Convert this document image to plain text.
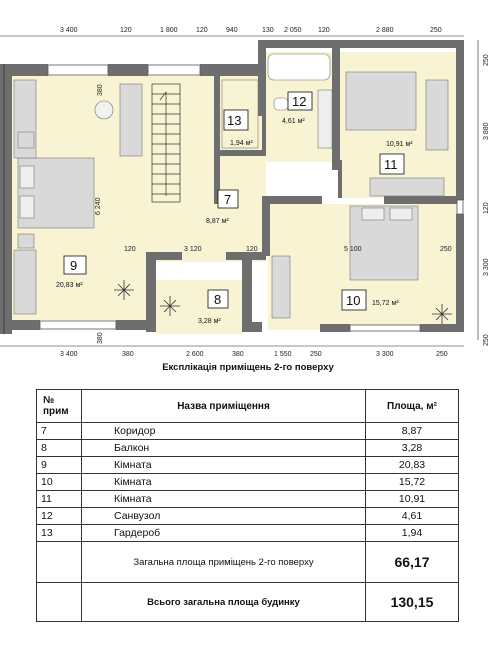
3 400	120	1 800	120	940	130 2 050 120	2 880	250
3 400	380	2 600	380	1 550	250	3 300	250
380
6 240
380
250
3 880
120
3 300
250
120	3 120	120	5 100	250
9
20,83 м²
7
8,87 м²
8
3,28 м²
13
1,94 м²
12
4,61 м²
10,91 м²
11
10 15,72 м²
Експлікація приміщень 2-го поверху
№
прим	Назва приміщення	Площа, м²
7	Коридор	8,87
8	Балкон	3,28
9	Кімната	20,83
10	Кімната	15,72
11	Кімната	10,91
12	Санвузол	4,61
13	Гардероб	1,94
	Загальна площа приміщень 2-го поверху	66,17
	Всього загальна площа будинку	130,15
